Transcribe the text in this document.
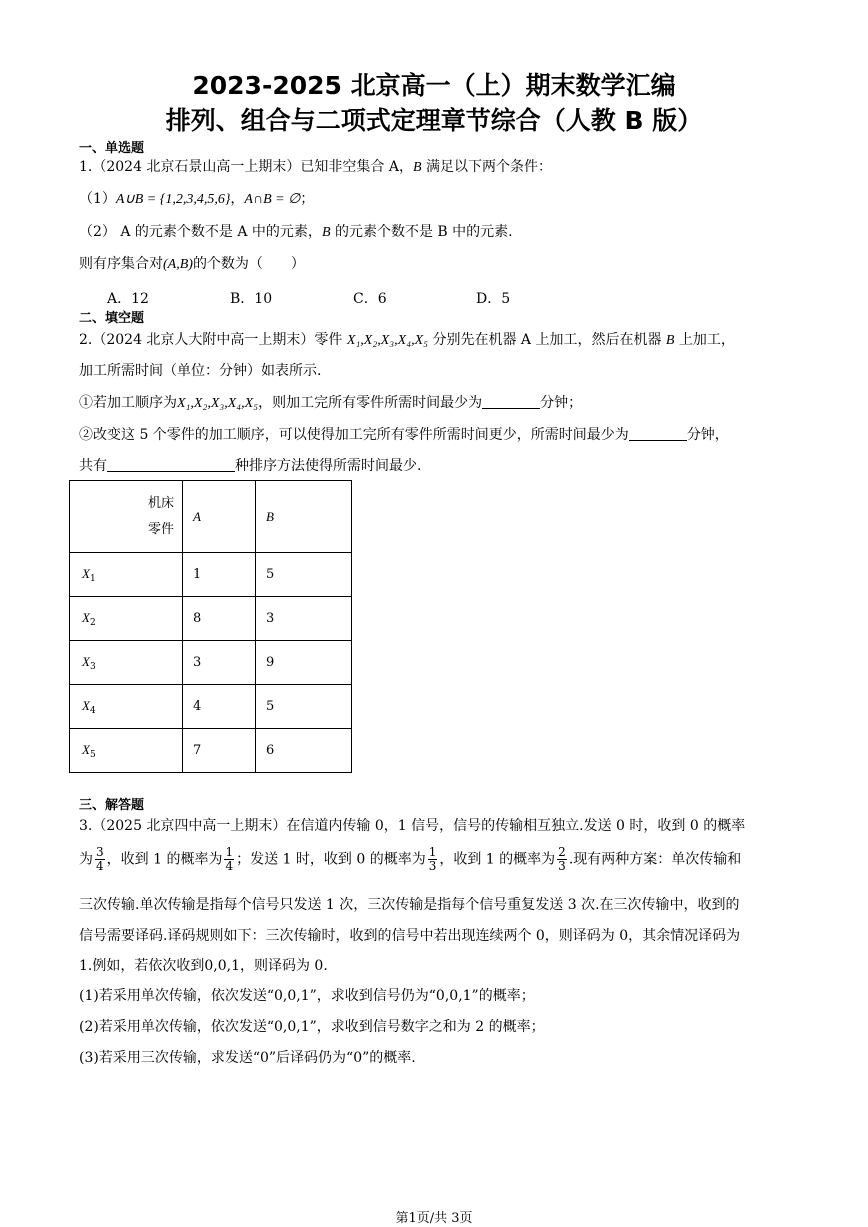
2023-2025 北京高一（上）期末数学汇编
排列、组合与二项式定理章节综合（人教 B 版）
一、单选题
1.（2024 北京石景山高一上期末）已知非空集合 A，B 满足以下两个条件：
（1）A∪B = {1,2,3,4,5,6}，A∩B = ∅；
（2） A 的元素个数不是 A 中的元素，B 的元素个数不是 B 中的元素.
则有序集合对(A,B)的个数为（　　）
A．12	B．10	C．6	D．5
二、填空题
2.（2024 北京人大附中高一上期末）零件 X₁,X₂,X₃,X₄,X₅ 分别先在机器 A 上加工，然后在机器 B 上加工，
加工所需时间（单位：分钟）如表所示.
①若加工顺序为X₁,X₂,X₃,X₄,X₅，则加工完所有零件所需时间最少为	分钟；
②改变这 5 个零件的加工顺序，可以使得加工完所有零件所需时间更少，所需时间最少为	分钟，
共有	种排序方法使得所需时间最少.
机床
零件	A	B
$X_1$	1	5
$X_2$	8	3
$X_3$	3	9
$X_4$	4	5
$X_5$	7	6
三、解答题
3.（2025 北京四中高一上期末）在信道内传输 0，1 信号，信号的传输相互独立.发送 0 时，收到 0 的概率
为 $\frac{3}{4}$ ，收到 1 的概率为 $\frac{1}{4}$ ；发送 1 时，收到 0 的概率为 $\frac{1}{3}$ ，收到 1 的概率为 $\frac{2}{3}$ .现有两种方案：单次传输和
三次传输.单次传输是指每个信号只发送 1 次，三次传输是指每个信号重复发送 3 次.在三次传输中，收到的
信号需要译码.译码规则如下：三次传输时，收到的信号中若出现连续两个 0，则译码为 0，其余情况译码为
1.例如，若依次收到0,0,1，则译码为 0.
(1)若采用单次传输，依次发送“0,0,1”，求收到信号仍为“0,0,1”的概率；
(2)若采用单次传输，依次发送“0,0,1”，求收到信号数字之和为 2 的概率；
(3)若采用三次传输，求发送“0”后译码仍为“0”的概率.
第1页/共 3页
